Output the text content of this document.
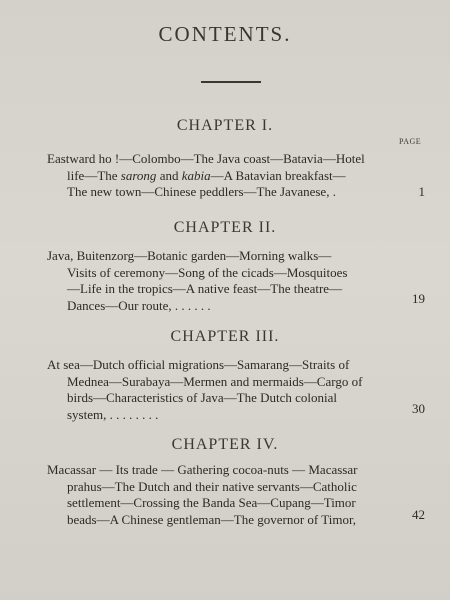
CONTENTS.
CHAPTER I.
PAGE
Eastward ho !—Colombo—The Java coast—Batavia—Hotel
life—The sarong and kabia—A Batavian breakfast—
The new town—Chinese peddlers—The Javanese, .	1
CHAPTER II.
Java, Buitenzorg—Botanic garden—Morning walks—
Visits of ceremony—Song of the cicads—Mosquitoes
—Life in the tropics—A native feast—The theatre—
Dances—Our route, . . . . . .	19
CHAPTER III.
At sea—Dutch official migrations—Samarang—Straits of
Mednea—Surabaya—Mermen and mermaids—Cargo of
birds—Characteristics of Java—The Dutch colonial
system, . . . . . . . .	30
CHAPTER IV.
Macassar — Its trade — Gathering cocoa-nuts — Macassar
prahus—The Dutch and their native servants—Catholic
settlement—Crossing the Banda Sea—Cupang—Timor
beads—A Chinese gentleman—The governor of Timor,	42
